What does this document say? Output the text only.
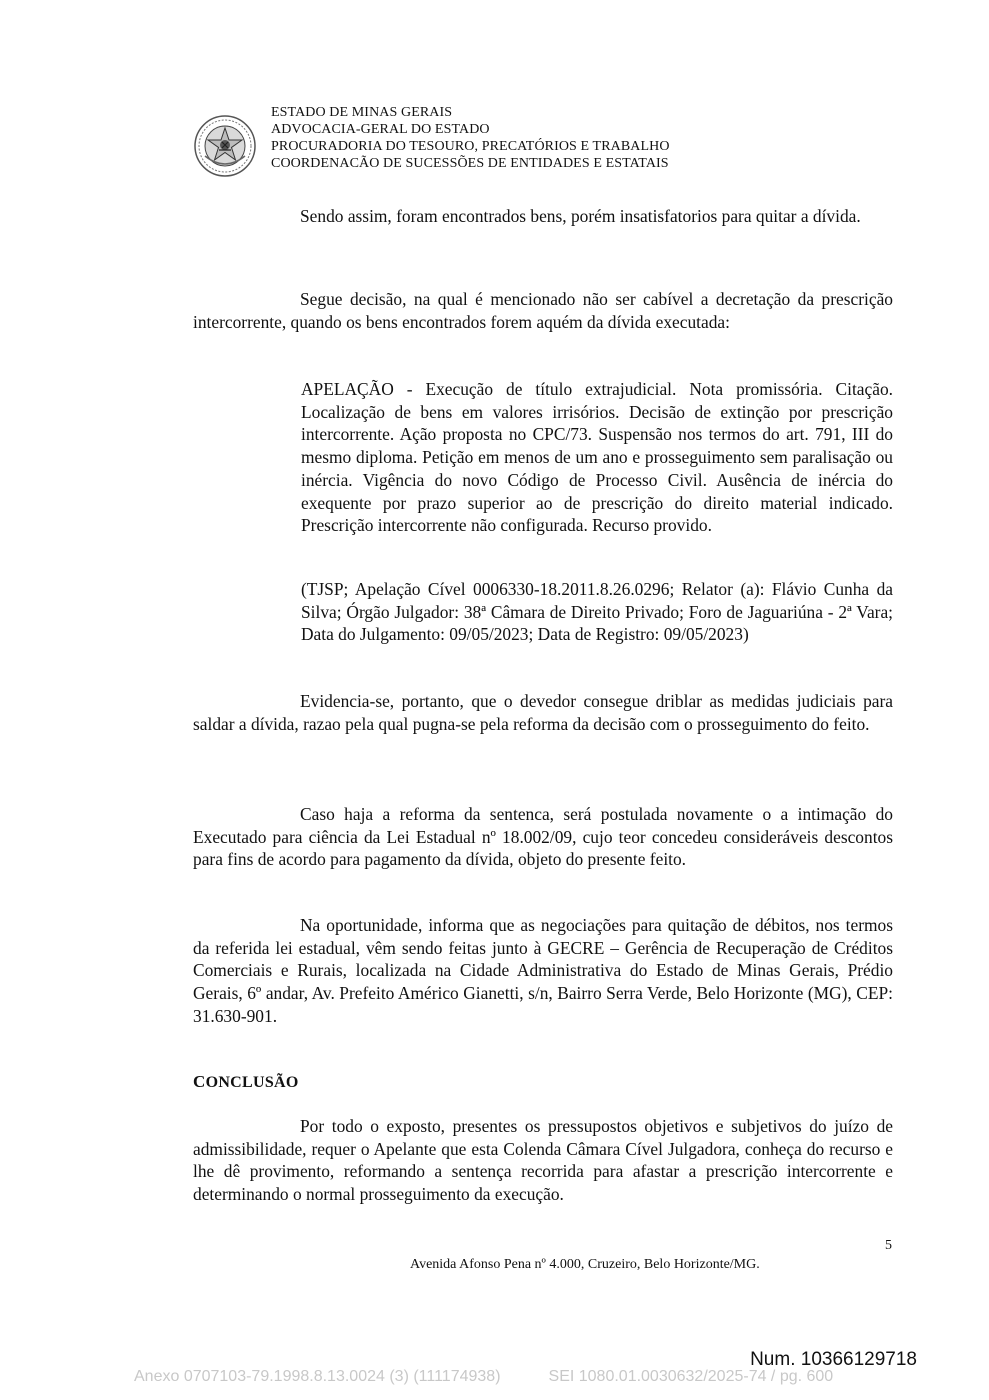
ESTADO DE MINAS GERAIS
ADVOCACIA-GERAL DO ESTADO
PROCURADORIA DO TESOURO, PRECATÓRIOS E TRABALHO
COORDENACÃO DE SUCESSÕES DE ENTIDADES E ESTATAIS

Sendo assim, foram encontrados bens, porém insatisfatorios para quitar a dívida.

Segue decisão, na qual é mencionado não ser cabível a decretação da prescrição intercorrente, quando os bens encontrados forem aquém da dívida executada:

APELAÇÃO - Execução de título extrajudicial. Nota promissória. Citação. Localização de bens em valores irrisórios. Decisão de extinção por prescrição intercorrente. Ação proposta no CPC/73. Suspensão nos termos do art. 791, III do mesmo diploma. Petição em menos de um ano e prosseguimento sem paralisação ou inércia. Vigência do novo Código de Processo Civil. Ausência de inércia do exequente por prazo superior ao de prescrição do direito material indicado. Prescrição intercorrente não configurada. Recurso provido.

(TJSP; Apelação Cível 0006330-18.2011.8.26.0296; Relator (a): Flávio Cunha da Silva; Órgão Julgador: 38ª Câmara de Direito Privado; Foro de Jaguariúna - 2ª Vara; Data do Julgamento: 09/05/2023; Data de Registro: 09/05/2023)

Evidencia-se, portanto, que o devedor consegue driblar as medidas judiciais para saldar a dívida, razao pela qual pugna-se pela reforma da decisão com o prosseguimento do feito.

Caso haja a reforma da sentenca, será postulada novamente o a intimação do Executado para ciência da Lei Estadual nº 18.002/09, cujo teor concedeu consideráveis descontos para fins de acordo para pagamento da dívida, objeto do presente feito.

Na oportunidade, informa que as negociações para quitação de débitos, nos termos da referida lei estadual, vêm sendo feitas junto à GECRE – Gerência de Recuperação de Créditos Comerciais e Rurais, localizada na Cidade Administrativa do Estado de Minas Gerais, Prédio Gerais, 6º andar, Av. Prefeito Américo Gianetti, s/n, Bairro Serra Verde, Belo Horizonte (MG), CEP: 31.630-901.

CONCLUSÃO

Por todo o exposto, presentes os pressupostos objetivos e subjetivos do juízo de admissibilidade, requer o Apelante que esta Colenda Câmara Cível Julgadora, conheça do recurso e lhe dê provimento, reformando a sentença recorrida para afastar a prescrição intercorrente e determinando o normal prosseguimento da execução.

5
Avenida Afonso Pena nº 4.000, Cruzeiro, Belo Horizonte/MG.
Num. 10366129718
Anexo 0707103-79.1998.8.13.0024 (3) (111174938)	SEI 1080.01.0030632/2025-74 / pg. 600
